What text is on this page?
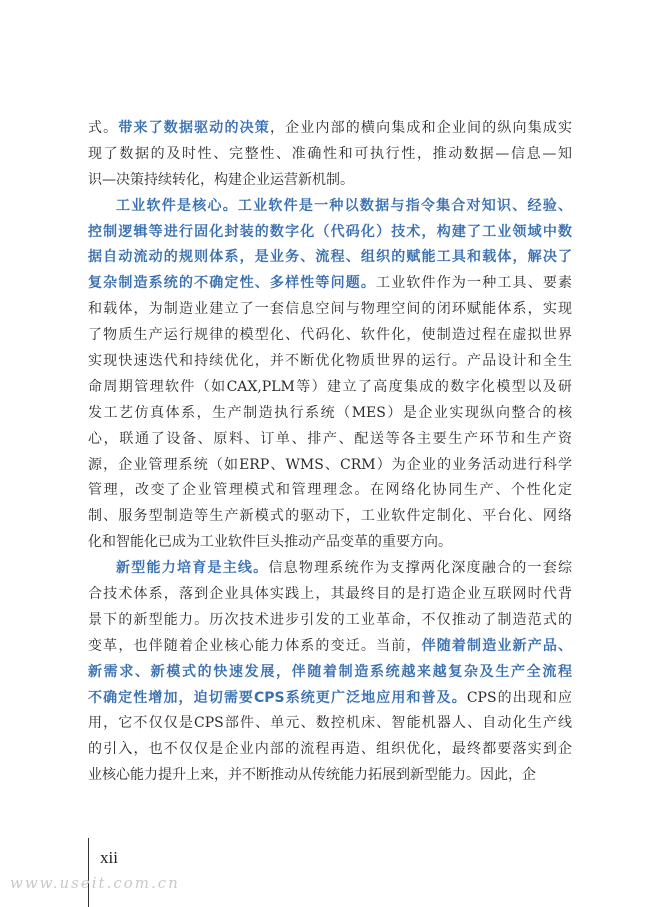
式。带来了数据驱动的决策，企业内部的横向集成和企业间的纵向集成实
现了数据的及时性、完整性、准确性和可执行性，推动数据—信息—知
识—决策持续转化，构建企业运营新机制。
工业软件是核心。工业软件是一种以数据与指令集合对知识、经验、
控制逻辑等进行固化封装的数字化（代码化）技术，构建了工业领域中数
据自动流动的规则体系，是业务、流程、组织的赋能工具和载体，解决了
复杂制造系统的不确定性、多样性等问题。工业软件作为一种工具、要素
和载体，为制造业建立了一套信息空间与物理空间的闭环赋能体系，实现
了物质生产运行规律的模型化、代码化、软件化，使制造过程在虚拟世界
实现快速迭代和持续优化，并不断优化物质世界的运行。产品设计和全生
命周期管理软件（如CAX,PLM等）建立了高度集成的数字化模型以及研
发工艺仿真体系，生产制造执行系统（MES）是企业实现纵向整合的核
心，联通了设备、原料、订单、排产、配送等各主要生产环节和生产资
源，企业管理系统（如ERP、WMS、CRM）为企业的业务活动进行科学
管理，改变了企业管理模式和管理理念。在网络化协同生产、个性化定
制、服务型制造等生产新模式的驱动下，工业软件定制化、平台化、网络
化和智能化已成为工业软件巨头推动产品变革的重要方向。
新型能力培育是主线。信息物理系统作为支撑两化深度融合的一套综
合技术体系，落到企业具体实践上，其最终目的是打造企业互联网时代背
景下的新型能力。历次技术进步引发的工业革命，不仅推动了制造范式的
变革，也伴随着企业核心能力体系的变迁。当前，伴随着制造业新产品、
新需求、新模式的快速发展，伴随着制造系统越来越复杂及生产全流程
不确定性增加，迫切需要CPS系统更广泛地应用和普及。CPS的出现和应
用，它不仅仅是CPS部件、单元、数控机床、智能机器人、自动化生产线
的引入，也不仅仅是企业内部的流程再造、组织优化，最终都要落实到企
业核心能力提升上来，并不断推动从传统能力拓展到新型能力。因此，企
xii
www.useit.com.cn
